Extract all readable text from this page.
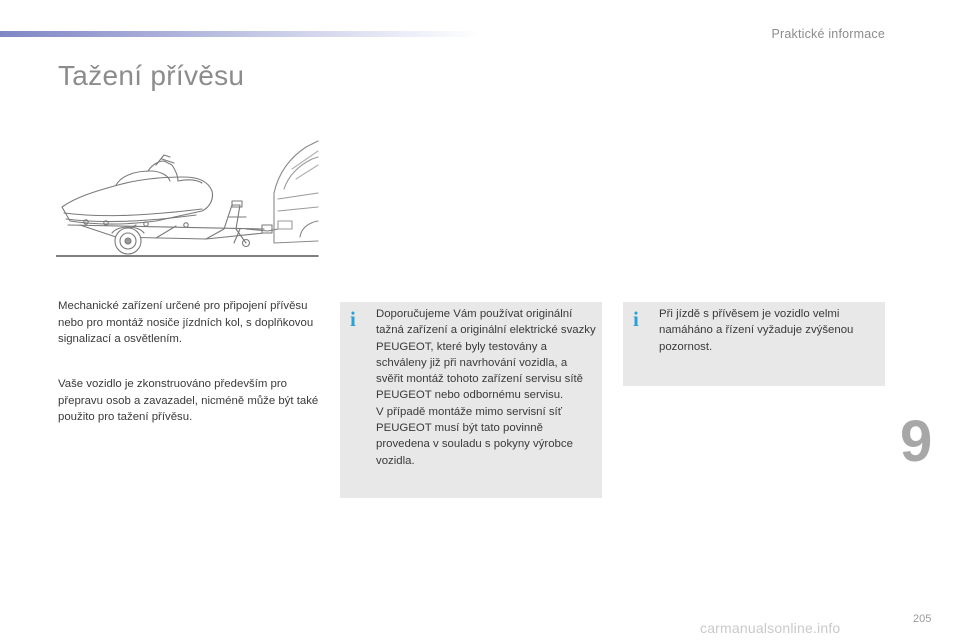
Praktické informace
Tažení přívěsu

Mechanické zařízení určené pro připojení přívěsu nebo pro montáž nosiče jízdních kol, s doplňkovou signalizací a osvětlením.

Vaše vozidlo je zkonstruováno především pro přepravu osob a zavazadel, nicméně může být také použito pro tažení přívěsu.

i Doporučujeme Vám používat originální tažná zařízení a originální elektrické svazky PEUGEOT, které byly testovány a schváleny již při navrhování vozidla, a svěřit montáž tohoto zařízení servisu sítě PEUGEOT nebo odbornému servisu.
V případě montáže mimo servisní síť PEUGEOT musí být tato povinně provedena v souladu s pokyny výrobce vozidla.
i Při jízdě s přívěsem je vozidlo velmi namáháno a řízení vyžaduje zvýšenou pozornost.
9
205
carmanualsonline.info
